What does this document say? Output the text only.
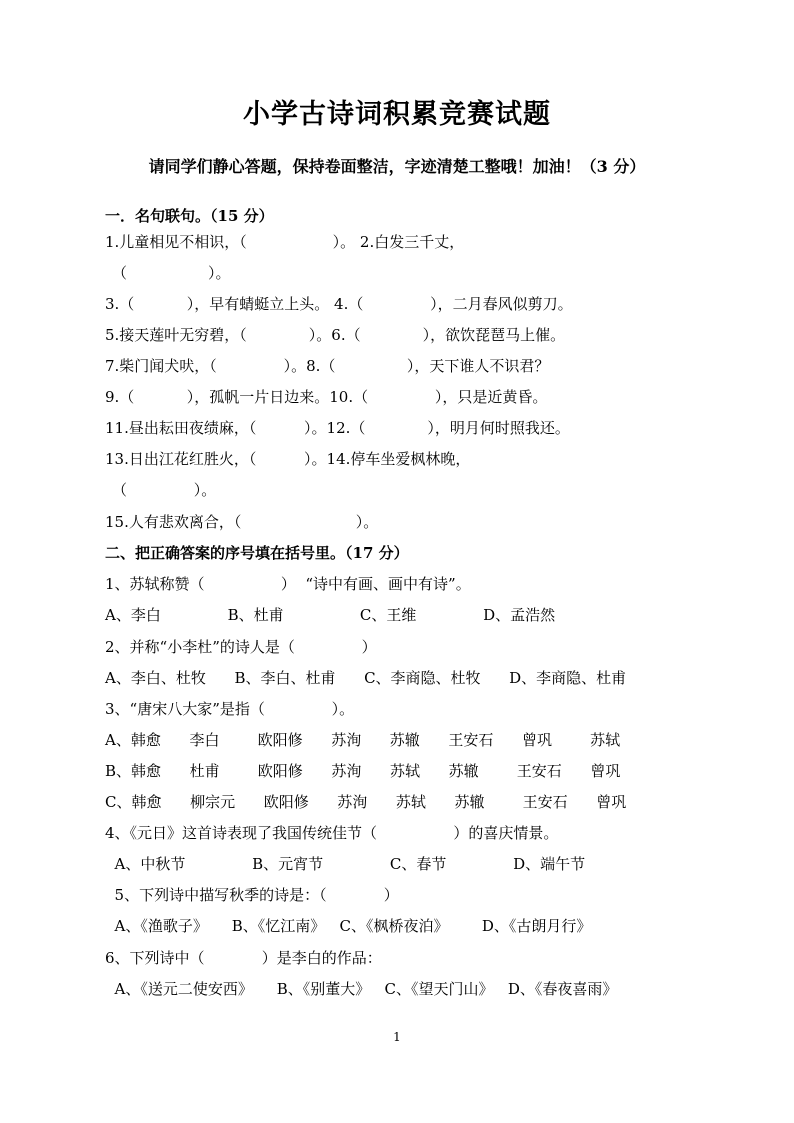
小学古诗词积累竞赛试题
请同学们静心答题，保持卷面整洁，字迹清楚工整哦！加油！（3 分）
一．名句联句。（15 分）
1.儿童相见不相识，（                  ）。 2.白发三千丈，
（                 ）。
3.（           ），早有蜻蜓立上头。 4.（              ），二月春风似剪刀。
5.接天莲叶无穷碧，（             ）。6.（             ），欲饮琵琶马上催。
7.柴门闻犬吠，（              ）。8.（               ），天下谁人不识君？
9.（           ），孤帆一片日边来。10.（              ），只是近黄昏。
11.昼出耘田夜绩麻，（          ）。12.（             ），明月何时照我还。
13.日出江花红胜火，（          ）。14.停车坐爱枫林晚，
（              ）。
15.人有悲欢离合，（                        ）。
二、把正确答案的序号填在括号里。（17 分）
1、苏轼称赞（                ）  “诗中有画、画中有诗”。
A、李白              B、杜甫                C、王维              D、孟浩然
2、并称“小李杜”的诗人是（              ）
A、李白、杜牧      B、李白、杜甫      C、李商隐、杜牧      D、李商隐、杜甫
3、“唐宋八大家”是指（              ）。
A、韩愈      李白        欧阳修      苏洵      苏辙      王安石      曾巩        苏轼
B、韩愈      杜甫        欧阳修      苏洵      苏轼      苏辙        王安石      曾巩
C、韩愈      柳宗元      欧阳修      苏洵      苏轼      苏辙        王安石      曾巩
4、《元日》这首诗表现了我国传统佳节（                ）的喜庆情景。
A、中秋节              B、元宵节              C、春节              D、端午节
5、下列诗中描写秋季的诗是：（            ）
A、《渔歌子》     B、《忆江南》   C、《枫桥夜泊》       D、《古朗月行》
6、下列诗中（            ）是李白的作品：
A、《送元二使安西》     B、《别董大》   C、《望天门山》   D、《春夜喜雨》
1
